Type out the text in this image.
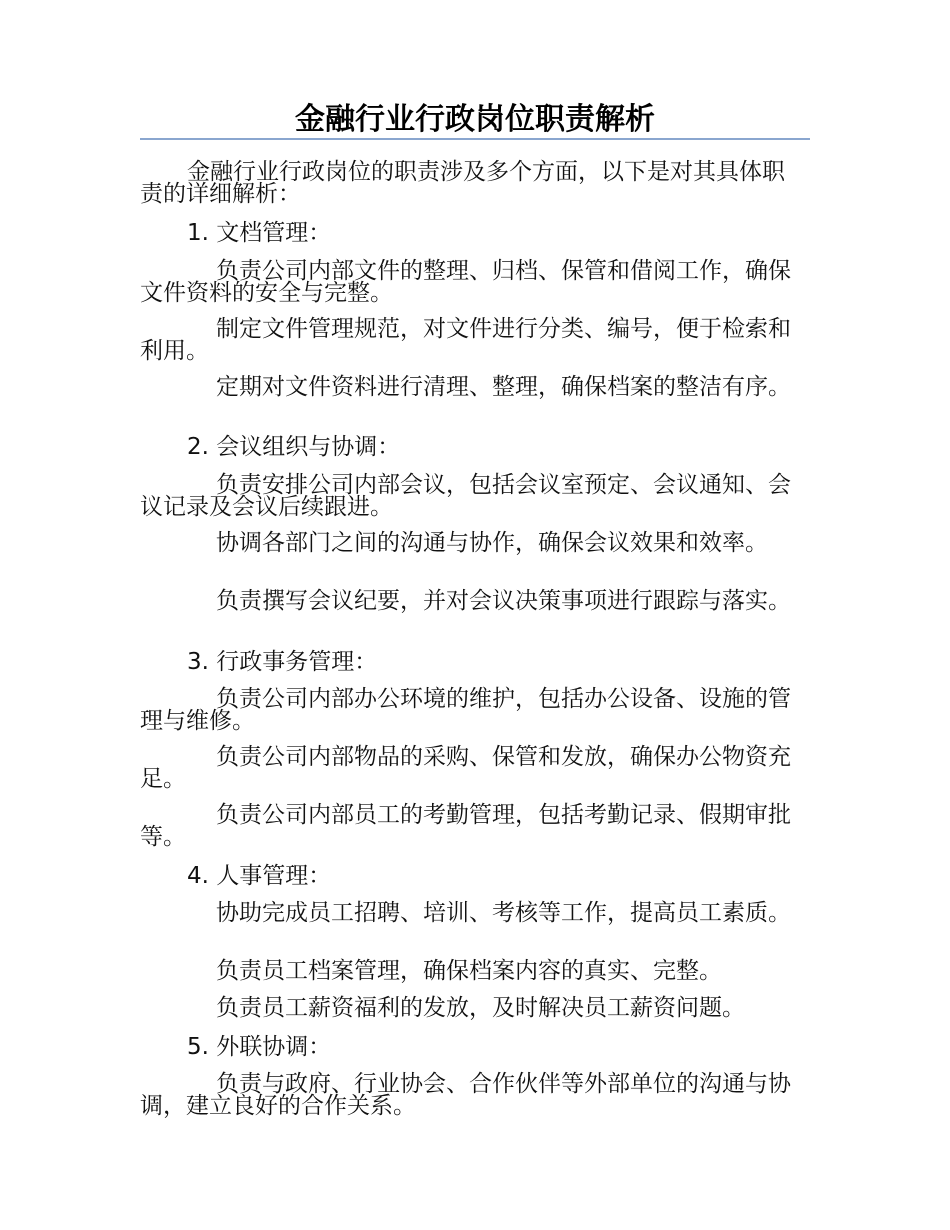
金融行业行政岗位职责解析

金融行业行政岗位的职责涉及多个方面，以下是对其具体职责的详细解析：

1. 文档管理：

负责公司内部文件的整理、归档、保管和借阅工作，确保文件资料的安全与完整。

制定文件管理规范，对文件进行分类、编号，便于检索和利用。

定期对文件资料进行清理、整理，确保档案的整洁有序。

2. 会议组织与协调：

负责安排公司内部会议，包括会议室预定、会议通知、会议记录及会议后续跟进。

协调各部门之间的沟通与协作，确保会议效果和效率。

负责撰写会议纪要，并对会议决策事项进行跟踪与落实。

3. 行政事务管理：

负责公司内部办公环境的维护，包括办公设备、设施的管理与维修。

负责公司内部物品的采购、保管和发放，确保办公物资充足。

负责公司内部员工的考勤管理，包括考勤记录、假期审批等。

4. 人事管理：

协助完成员工招聘、培训、考核等工作，提高员工素质。

负责员工档案管理，确保档案内容的真实、完整。

负责员工薪资福利的发放，及时解决员工薪资问题。

5. 外联协调：

负责与政府、行业协会、合作伙伴等外部单位的沟通与协调，建立良好的合作关系。
